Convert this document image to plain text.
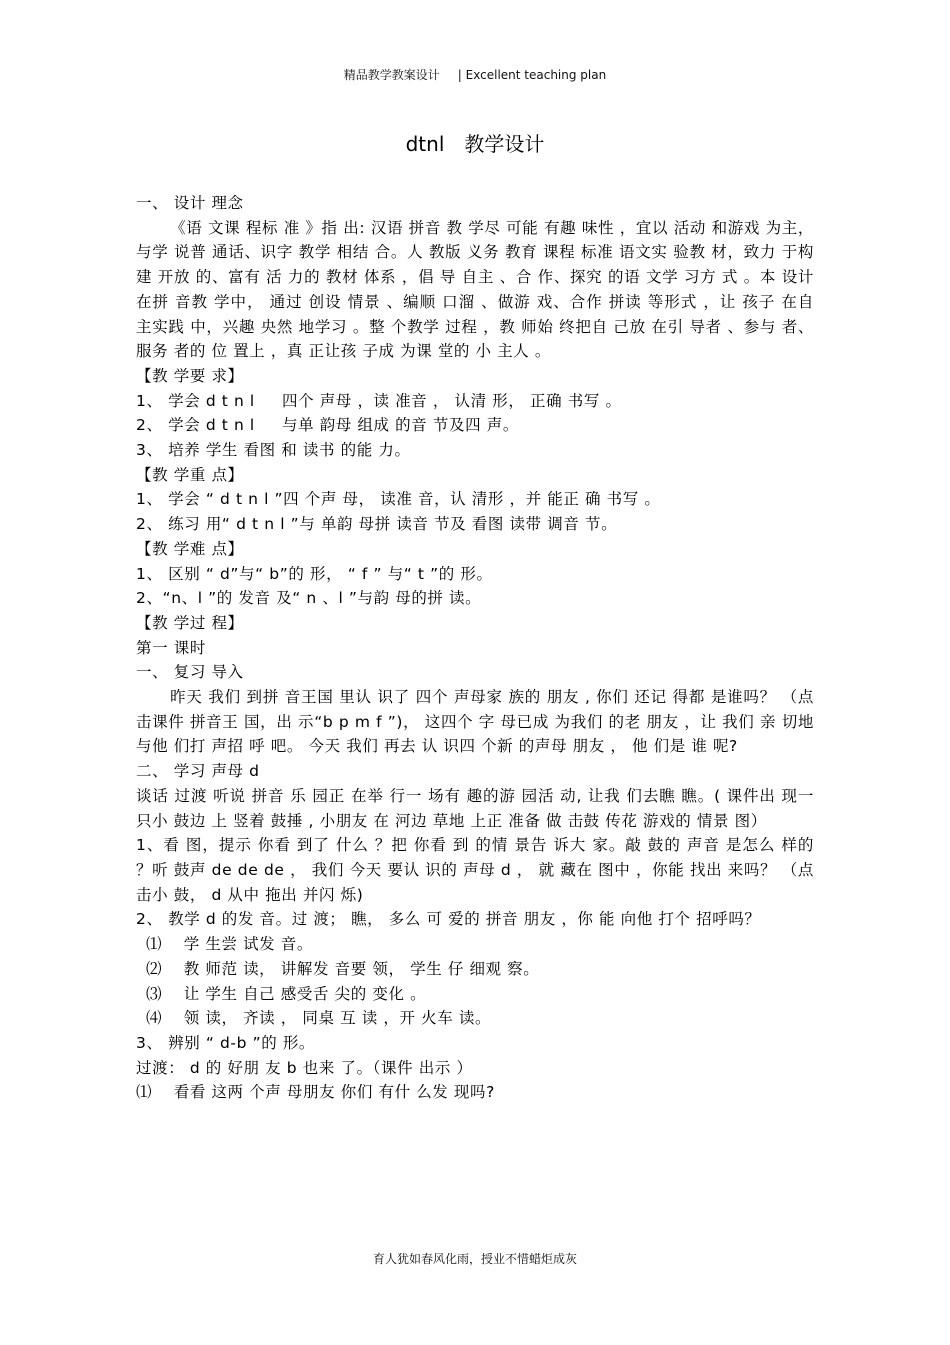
精品教学教案设计 | Excellent teaching plan
dtnl　教学设计

一、 设计 理念

《语 文课 程标 准 》指 出: 汉语 拼音 教 学尽 可能 有趣 味性 ，宜以 活动 和游戏 为主，与学 说普 通话、识字 教学 相结 合。人 教版 义务 教育 课程 标准 语文实 验教 材，致力 于构建 开放 的、富有 活 力的 教材 体系 ，倡 导 自主 、合 作、探究 的语 文学 习方 式 。本 设计 在拼 音教 学中， 通过 创设 情景 、编顺 口溜 、做游 戏、合作 拼读 等形式 ，让 孩子 在自 主实践 中，兴趣 央然 地学习 。整 个教学 过程 ，教 师始 终把自 己放 在引 导者 、参与 者、服务 者的 位 置上 ，真 正让孩 子成 为课 堂的 小 主人 。

【教 学要 求】

1、 学会 d t n l 　 四个 声母 ，读 准音 ， 认清 形， 正确 书写 。

2、 学会 d t n l 　 与单 韵母 组成 的音 节及四 声。

3、 培养 学生 看图 和 读书 的能 力。

【教 学重 点】

1、 学会 “ d t n l ”四 个声 母， 读准 音，认 清形 ，并 能正 确 书写 。

2、 练习 用“ d t n l ”与 单韵 母拼 读音 节及 看图 读带 调音 节。

【教 学难 点】

1、 区别 “ d”与“ b”的 形， “ f ” 与“ t ”的 形。

2、“n、l ”的 发音 及“ n 、l ”与韵 母的拼 读。

【教 学过 程】

第一 课时

一、 复习 导入

昨天 我们 到拼 音王国 里认 识了 四个 声母家 族的 朋友 , 你们 还记 得都 是谁吗？ （点 击课件 拼音王 国，出 示“b p m f ”)， 这四个 字 母已成 为我们 的老 朋友 ，让 我们 亲 切地 与他 们打 声招 呼 吧。 今天 我们 再去 认 识四 个新 的声母 朋友 ， 他 们是 谁 呢?

二、 学习 声母 d

谈话 过渡 听说 拼音 乐 园正 在举 行一 场有 趣的游 园活 动, 让我 们去瞧 瞧。( 课件出 现一 只小 鼓边 上 竖着 鼓捶 , 小朋友 在 河边 草地 上正 准备 做 击鼓 传花 游戏的 情景 图）

1、看 图，提示 你看 到了 什么 ？把 你看 到 的情 景告 诉大 家。敲 鼓的 声音 是怎么 样的 ？听 鼓声 de de de ， 我们 今天 要认 识的 声母 d ， 就 藏在 图中 ，你能 找出 来吗？ （点 击小 鼓， d 从中 拖出 并闪 烁)

2、 教学 d 的发 音。过 渡； 瞧， 多么 可 爱的 拼音 朋友 ，你 能 向他 打个 招呼吗？

⑴ 　学 生尝 试发 音。

⑵ 　教 师范 读， 讲解发 音要 领， 学生 仔 细观 察。

⑶ 　让 学生 自己 感受舌 尖的 变化 。

⑷ 　领 读， 齐读 ， 同桌 互 读 ，开 火车 读。

3、 辨别 “ d-b ”的 形。

过渡： d 的 好朋 友 b 也来 了。（课件 出示 ）

⑴ 　看看 这两 个声 母朋友 你们 有什 么发 现吗?

育人犹如春风化雨，授业不惜蜡炬成灰
